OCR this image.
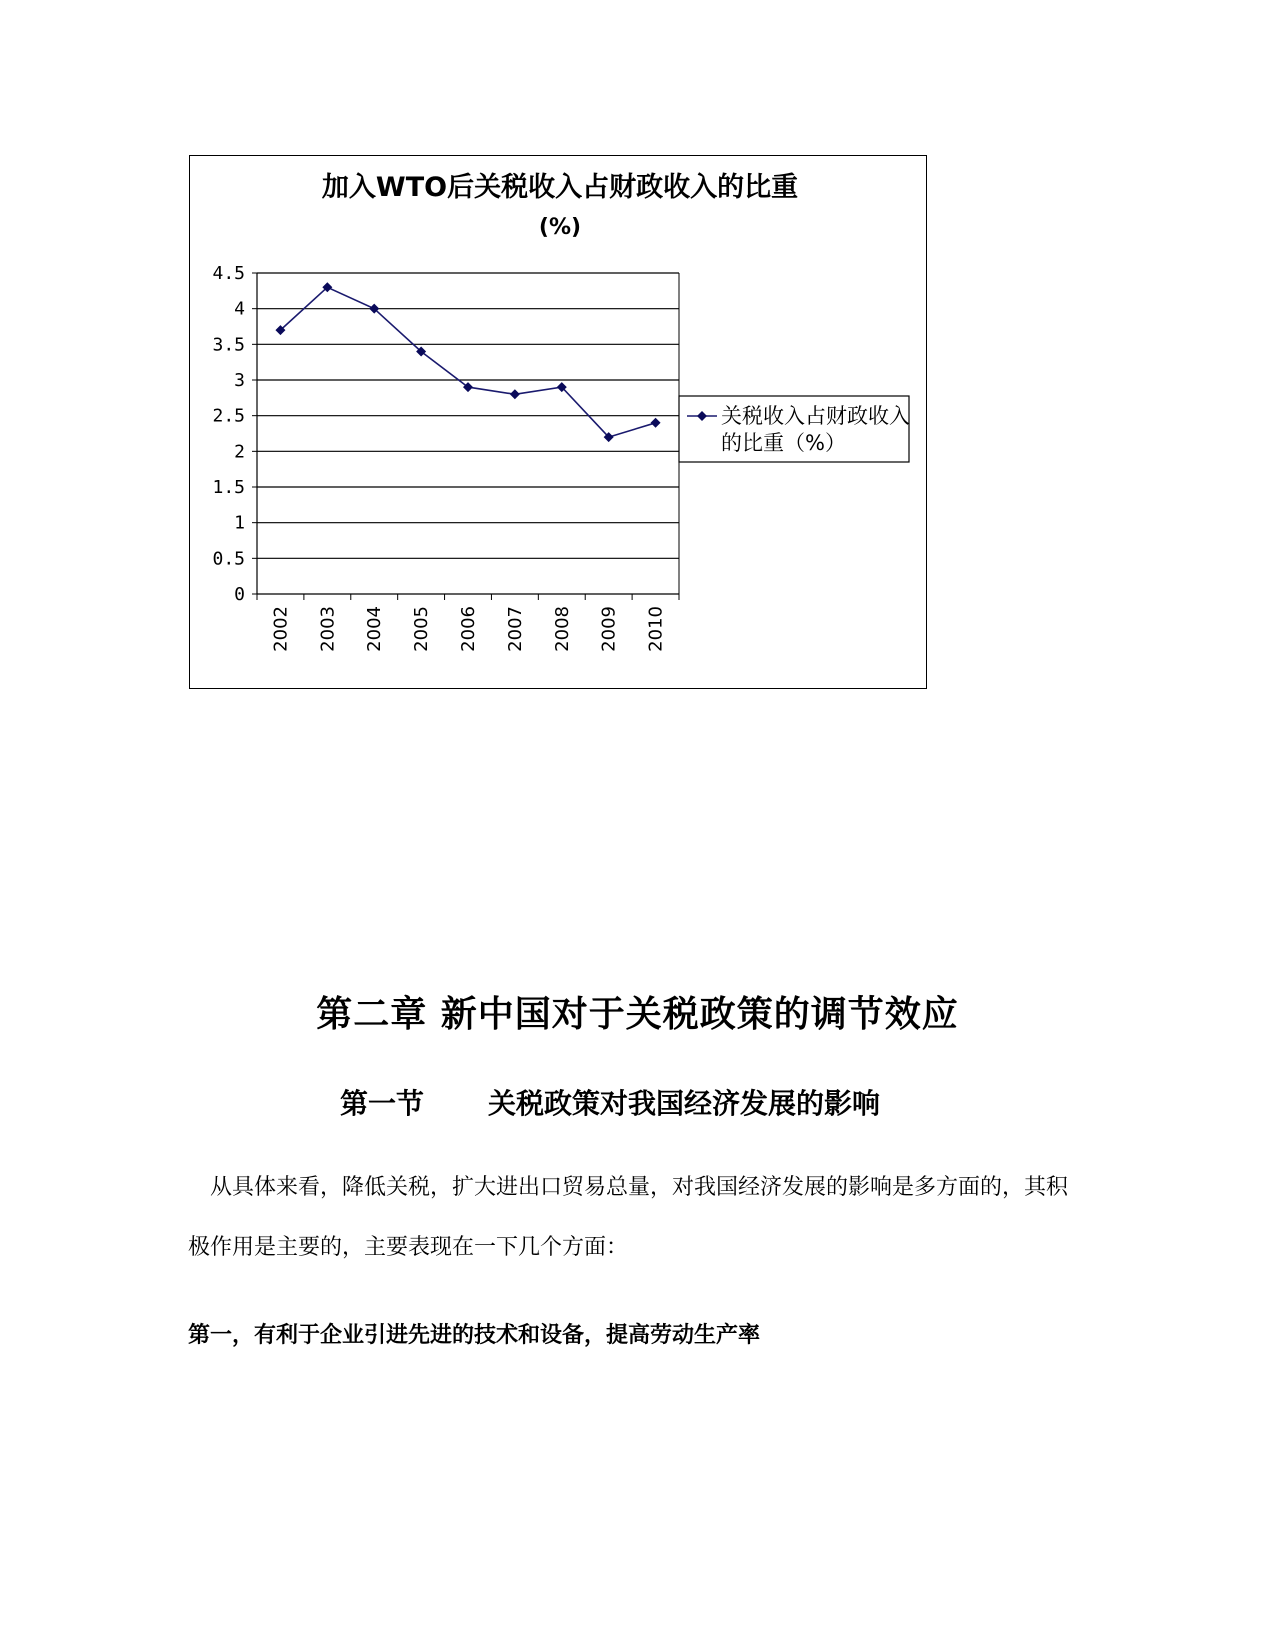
加入WTO后关税收入占财政收入的比重
(%)
0
0.5
1
1.5
2
2.5
3
3.5
4
4.5
2002 2003 2004 2005 2006 2007 2008 2009 2010
关税收入占财政收入
的比重（%）
第二章 新中国对于关税政策的调节效应
第一节 关税政策对我国经济发展的影响

从具体来看，降低关税，扩大进出口贸易总量，对我国经济发展的影响是多方面的，其积极作用是主要的，主要表现在一下几个方面：

第一，有利于企业引进先进的技术和设备，提高劳动生产率
